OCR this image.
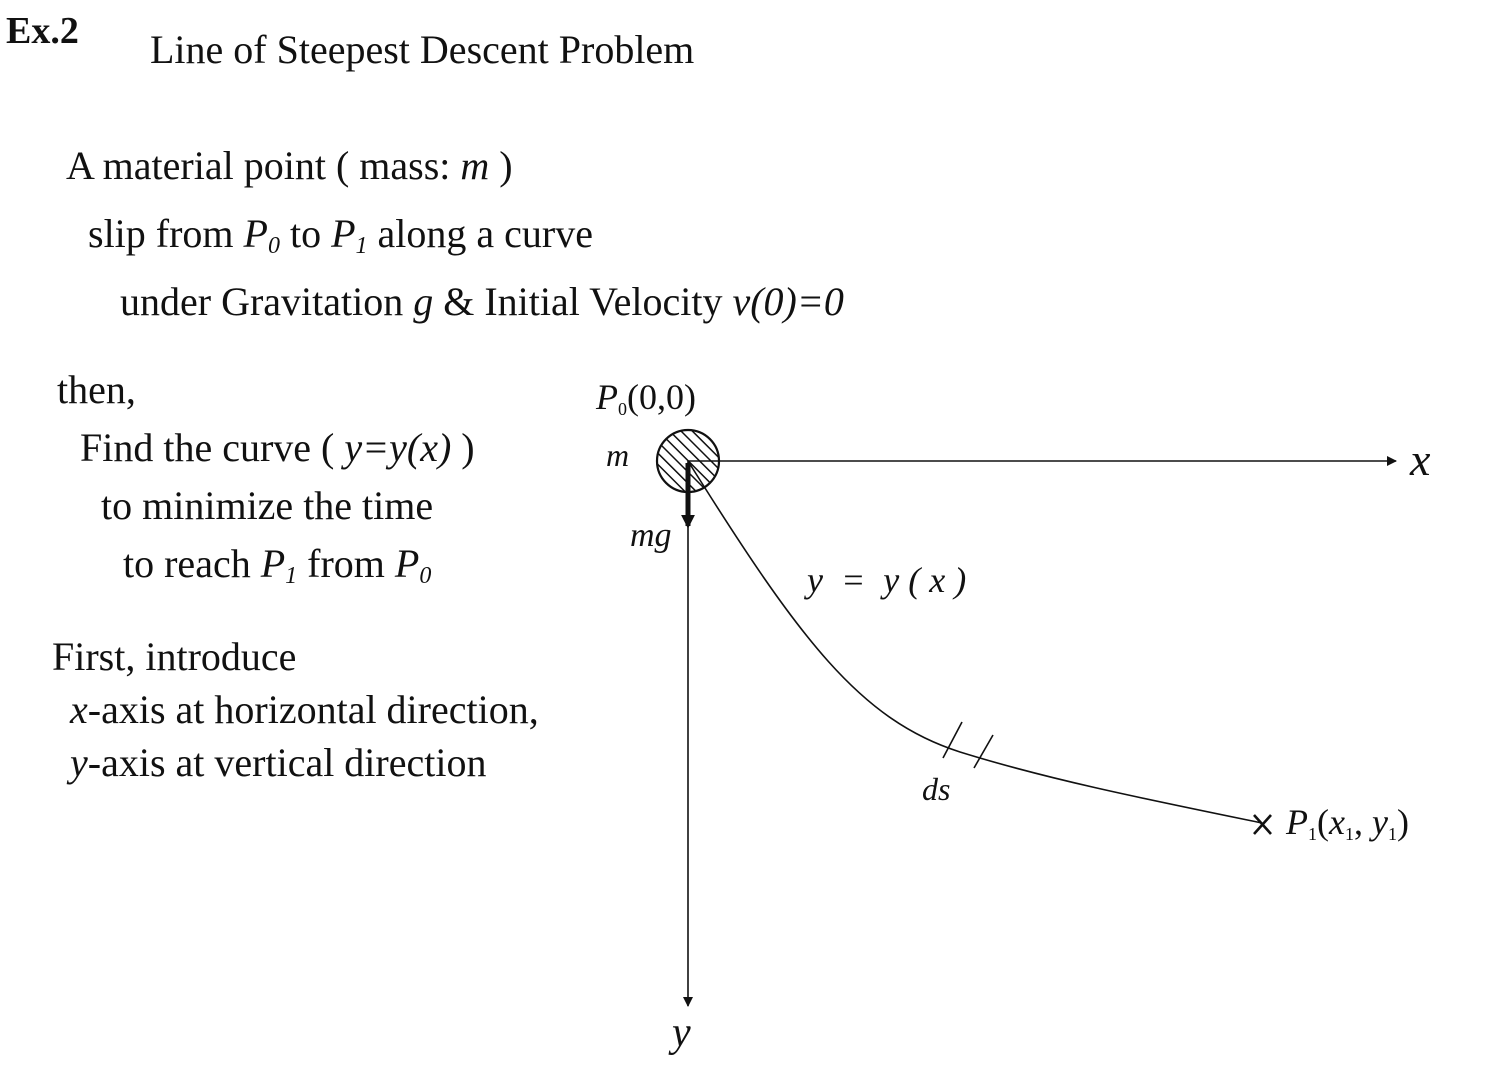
Ex.2 Line of Steepest Descent Problem
A material point ( mass: m )
slip from $P_0$ to $P_1$ along a curve
under Gravitation g & Initial Velocity v(0)=0
then,
Find the curve ( y=y(x) )
to minimize the time
to reach $P_1$ from $P_0$
First, introduce
x-axis at horizontal direction,
y-axis at vertical direction
P0(0,0)
m
mg
x
y
y  =  y ( x )
ds
P1(x1, y1)
